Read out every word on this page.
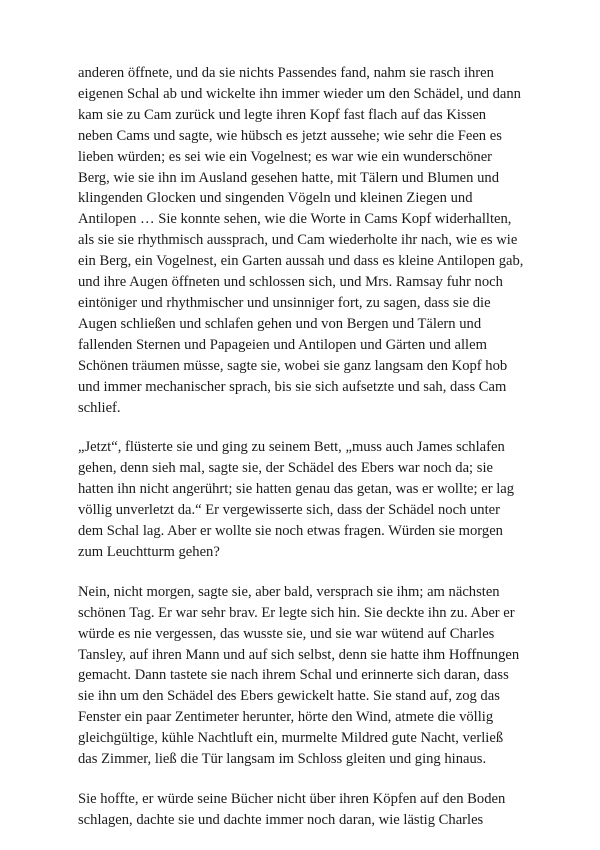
anderen öffnete, und da sie nichts Passendes fand, nahm sie rasch ihren
eigenen Schal ab und wickelte ihn immer wieder um den Schädel, und dann
kam sie zu Cam zurück und legte ihren Kopf fast flach auf das Kissen
neben Cams und sagte, wie hübsch es jetzt aussehe; wie sehr die Feen es
lieben würden; es sei wie ein Vogelnest; es war wie ein wunderschöner
Berg, wie sie ihn im Ausland gesehen hatte, mit Tälern und Blumen und
klingenden Glocken und singenden Vögeln und kleinen Ziegen und
Antilopen … Sie konnte sehen, wie die Worte in Cams Kopf widerhallten,
als sie sie rhythmisch aussprach, und Cam wiederholte ihr nach, wie es wie
ein Berg, ein Vogelnest, ein Garten aussah und dass es kleine Antilopen gab,
und ihre Augen öffneten und schlossen sich, und Mrs. Ramsay fuhr noch
eintöniger und rhythmischer und unsinniger fort, zu sagen, dass sie die
Augen schließen und schlafen gehen und von Bergen und Tälern und
fallenden Sternen und Papageien und Antilopen und Gärten und allem
Schönen träumen müsse, sagte sie, wobei sie ganz langsam den Kopf hob
und immer mechanischer sprach, bis sie sich aufsetzte und sah, dass Cam
schlief.

„Jetzt“, flüsterte sie und ging zu seinem Bett, „muss auch James schlafen
gehen, denn sieh mal, sagte sie, der Schädel des Ebers war noch da; sie
hatten ihn nicht angerührt; sie hatten genau das getan, was er wollte; er lag
völlig unverletzt da.“ Er vergewisserte sich, dass der Schädel noch unter
dem Schal lag. Aber er wollte sie noch etwas fragen. Würden sie morgen
zum Leuchtturm gehen?

Nein, nicht morgen, sagte sie, aber bald, versprach sie ihm; am nächsten
schönen Tag. Er war sehr brav. Er legte sich hin. Sie deckte ihn zu. Aber er
würde es nie vergessen, das wusste sie, und sie war wütend auf Charles
Tansley, auf ihren Mann und auf sich selbst, denn sie hatte ihm Hoffnungen
gemacht. Dann tastete sie nach ihrem Schal und erinnerte sich daran, dass
sie ihn um den Schädel des Ebers gewickelt hatte. Sie stand auf, zog das
Fenster ein paar Zentimeter herunter, hörte den Wind, atmete die völlig
gleichgültige, kühle Nachtluft ein, murmelte Mildred gute Nacht, verließ
das Zimmer, ließ die Tür langsam im Schloss gleiten und ging hinaus.

Sie hoffte, er würde seine Bücher nicht über ihren Köpfen auf den Boden
schlagen, dachte sie und dachte immer noch daran, wie lästig Charles
